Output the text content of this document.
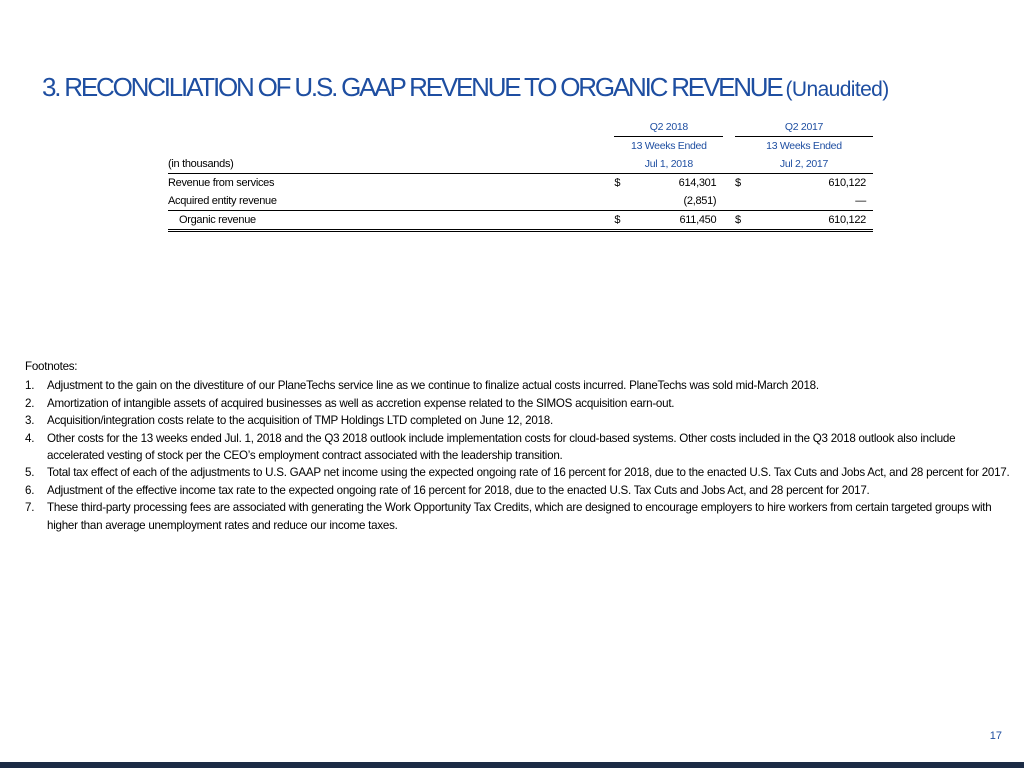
3. RECONCILIATION OF U.S. GAAP REVENUE TO ORGANIC REVENUE (Unaudited)
	Q2 2018			Q2 2017	
	13 Weeks Ended			13 Weeks Ended	
(in thousands)	Jul 1, 2018			Jul 2, 2017	
Revenue from services	$	614,301		$	610,122
Acquired entity revenue		(2,851)			—
Organic revenue	$	611,450		$	610,122
Footnotes:
1.	Adjustment to the gain on the divestiture of our PlaneTechs service line as we continue to finalize actual costs incurred. PlaneTechs was sold mid-March 2018.
2.	Amortization of intangible assets of acquired businesses as well as accretion expense related to the SIMOS acquisition earn-out.
3.	Acquisition/integration costs relate to the acquisition of TMP Holdings LTD completed on June 12, 2018.
4.	Other costs for the 13 weeks ended Jul. 1, 2018 and the Q3 2018 outlook include implementation costs for cloud-based systems. Other costs included in the Q3 2018 outlook also include accelerated vesting of stock per the CEO’s employment contract associated with the leadership transition.
5.	Total tax effect of each of the adjustments to U.S. GAAP net income using the expected ongoing rate of 16 percent for 2018, due to the enacted U.S. Tax Cuts and Jobs Act, and 28 percent for 2017.
6.	Adjustment of the effective income tax rate to the expected ongoing rate of 16 percent for 2018, due to the enacted U.S. Tax Cuts and Jobs Act, and 28 percent for 2017.
7.	These third-party processing fees are associated with generating the Work Opportunity Tax Credits, which are designed to encourage employers to hire workers from certain targeted groups with higher than average unemployment rates and reduce our income taxes.
17
